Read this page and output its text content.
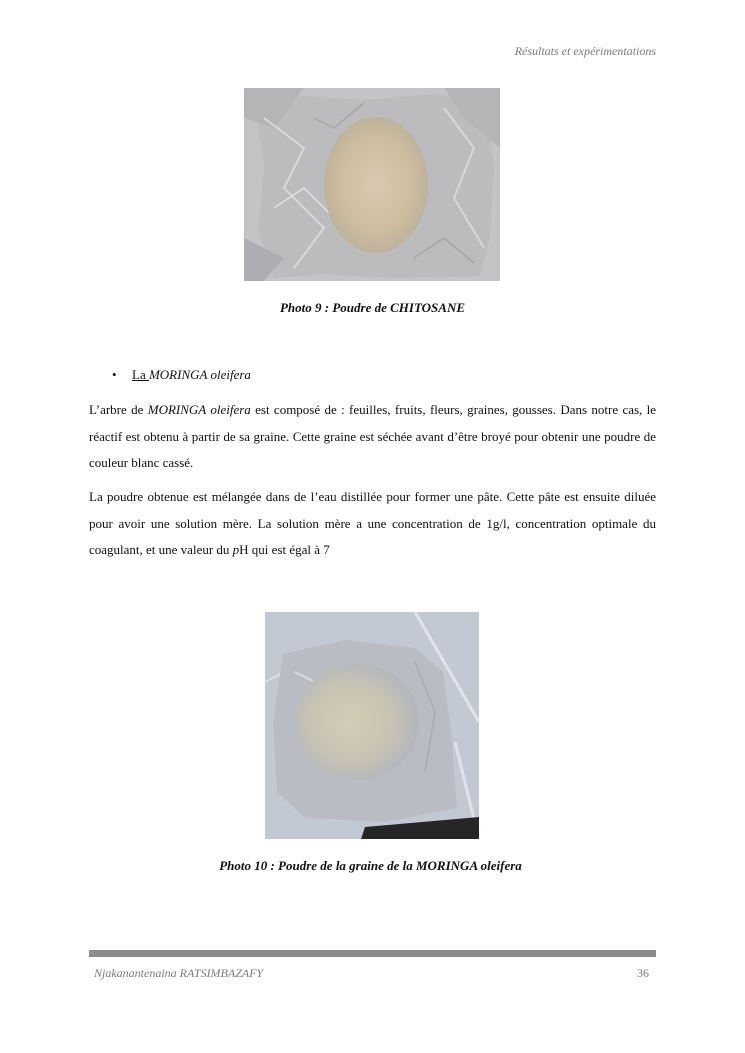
Résultats et expérimentations
Photo 9 : Poudre de CHITOSANE
• La MORINGA oleifera

L’arbre de MORINGA oleifera est composé de : feuilles, fruits, fleurs, graines, gousses. Dans notre cas, le réactif est obtenu à partir de sa graine. Cette graine est séchée avant d’être broyé pour obtenir une poudre de couleur blanc cassé.

La poudre obtenue est mélangée dans de l’eau distillée pour former une pâte. Cette pâte est ensuite diluée pour avoir une solution mère. La solution mère a une concentration de 1g/l, concentration optimale du coagulant, et une valeur du pH qui est égal à 7

Photo 10 : Poudre de la graine de la MORINGA oleifera
Njakanantenaina RATSIMBAZAFY	36
